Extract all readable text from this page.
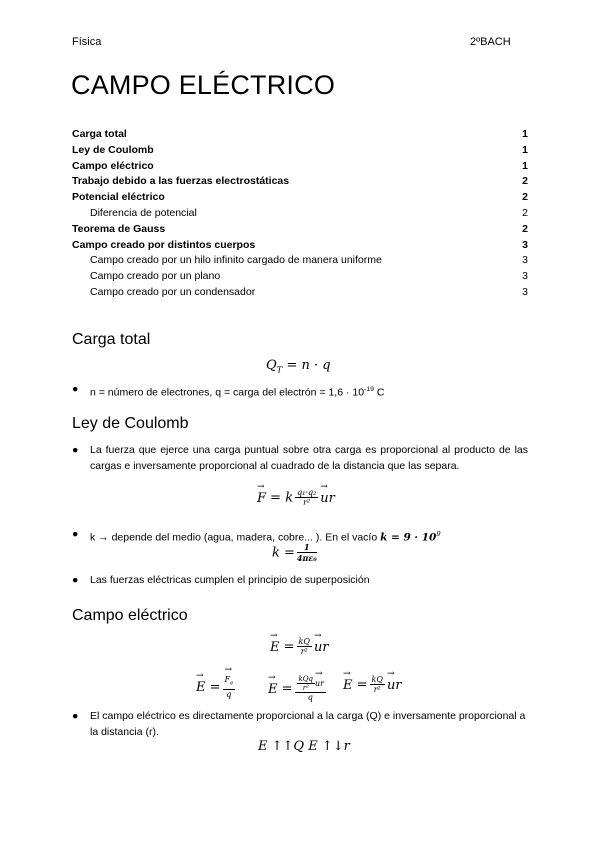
Física	2ºBACH
CAMPO ELÉCTRICO
Carga total	1
Ley de Coulomb	1
Campo eléctrico	1
Trabajo debido a las fuerzas electrostáticas	2
Potencial eléctrico	2
Diferencia de potencial	2
Teorema de Gauss	2
Campo creado por distintos cuerpos	3
Campo creado por un hilo infinito cargado de manera uniforme	3
Campo creado por un plano	3
Campo creado por un condensador	3
Carga total
$Q_T = n \cdot q$
● n = número de electrones, q = carga del electrón = $1,6 \cdot 10^{-19}$ C
Ley de Coulomb
● La fuerza que ejerce una carga puntual sobre otra carga es proporcional al producto de las cargas e inversamente proporcional al cuadrado de la distancia que las separa.
→ F = k $\frac{\text{q₁·q₂}}{\text{r²}}$ → ur
● k → depende del medio (agua, madera, cobre... ). En el vacío $k = 9 \cdot 10^9$
$k = \frac{1}{\text{4πε₀}}$
● Las fuerzas eléctricas cumplen el principio de superposición
Campo eléctrico
→ $E = \frac{kQ}{\text{r²}}$ → ur
→ E = → $\frac{F_e}{q}$	→ $E = \frac{\frac{\text{kQq}}{\text{r²}} \to ur}{q} \to E = \frac{kQ}{\text{r²}}$ → ur
● El campo eléctrico es directamente proporcional a la carga (Q) e inversamente proporcional a la distancia (r).
E ↑↑Q E ↑↓r
